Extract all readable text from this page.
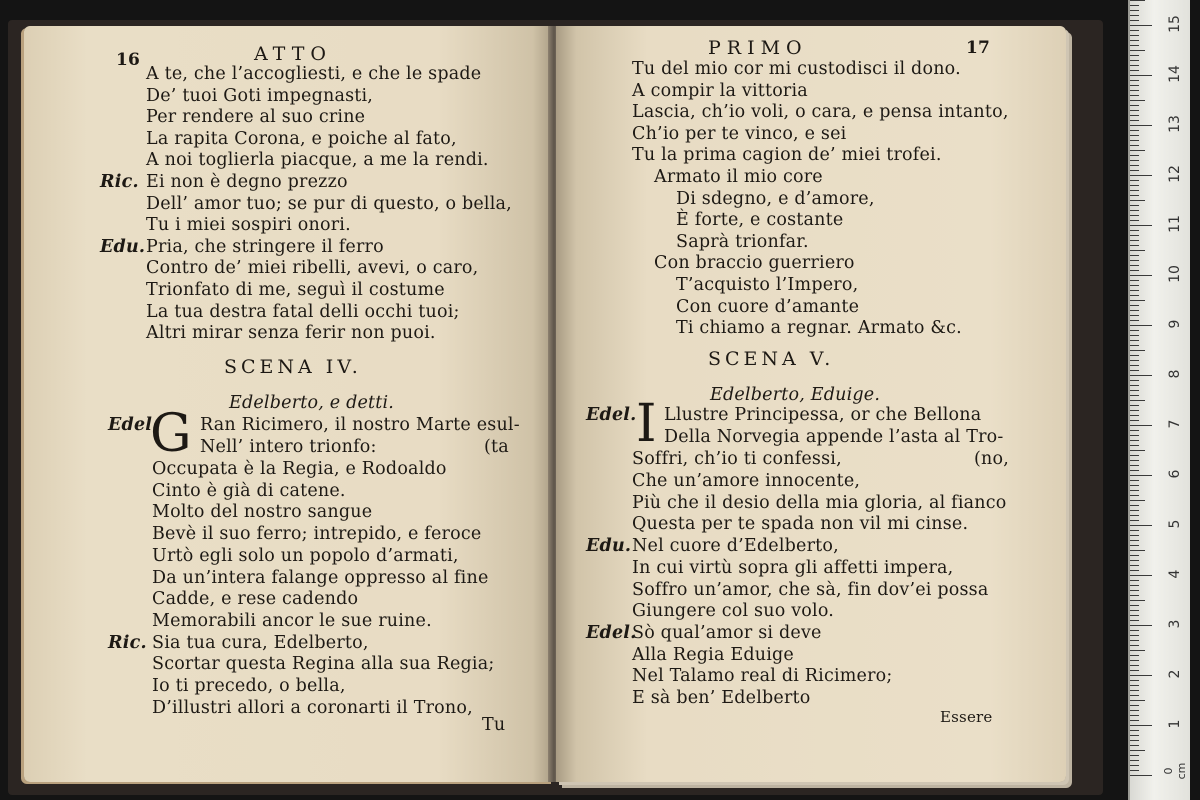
16	ATTO
A te, che l’accogliesti, e che le spade
De’ tuoi Goti impegnasti,
Per rendere al suo crine
La rapita Corona, e poiche al fato,
A noi toglierla piacque, a me la rendi.
Ric. Ei non è degno prezzo
Dell’ amor tuo; se pur di questo, o bella,
Tu i miei sospiri onori.
Edu. Pria, che stringere il ferro
Contro de’ miei ribelli, avevi, o caro,
Trionfato di me, seguì il costume
La tua destra fatal delli occhi tuoi;
Altri mirar senza ferir non puoi.
SCENA IV.
Edelberto, e detti.
Edel.
G Ran Ricimero, il nostro Marte esul-
Nell’ intero trionfo:	(ta
Occupata è la Regia, e Rodoaldo
Cinto è già di catene.
Molto del nostro sangue
Bevè il suo ferro; intrepido, e feroce
Urtò egli solo un popolo d’armati,
Da un’intera falange oppresso al fine
Cadde, e rese cadendo
Memorabili ancor le sue ruine.
Ric. Sia tua cura, Edelberto,
Scortar questa Regina alla sua Regia;
Io ti precedo, o bella,
D’illustri allori a coronarti il Trono,
Tu
PRIMO	17
Tu del mio cor mi custodisci il dono.
A compir la vittoria
Lascia, ch’io voli, o cara, e pensa intanto,
Ch’io per te vinco, e sei
Tu la prima cagion de’ miei trofei.
Armato il mio core
Di sdegno, e d’amore,
È forte, e costante
Saprà trionfar.
Con braccio guerriero
T’acquisto l’Impero,
Con cuore d’amante
Ti chiamo a regnar. Armato &c.
SCENA V.
Edelberto, Eduige.
Edel. I Llustre Principessa, or che Bellona
Della Norvegia appende l’asta al Tro-
Soffri, ch’io ti confessi,	(no,
Che un’amore innocente,
Più che il desio della mia gloria, al fianco
Questa per te spada non vil mi cinse.
Edu. Nel cuore d’Edelberto,
In cui virtù sopra gli affetti impera,
Soffro un’amor, che sà, fin dov’ei possa
Giungere col suo volo.
Edel.
Sò qual’amor si deve
Alla Regia Eduige
Nel Talamo real di Ricimero;
E sà ben’ Edelberto
Essere
0 cm
1
2
3
4
5
6
7
8
9
10
11
12
13
14
15
